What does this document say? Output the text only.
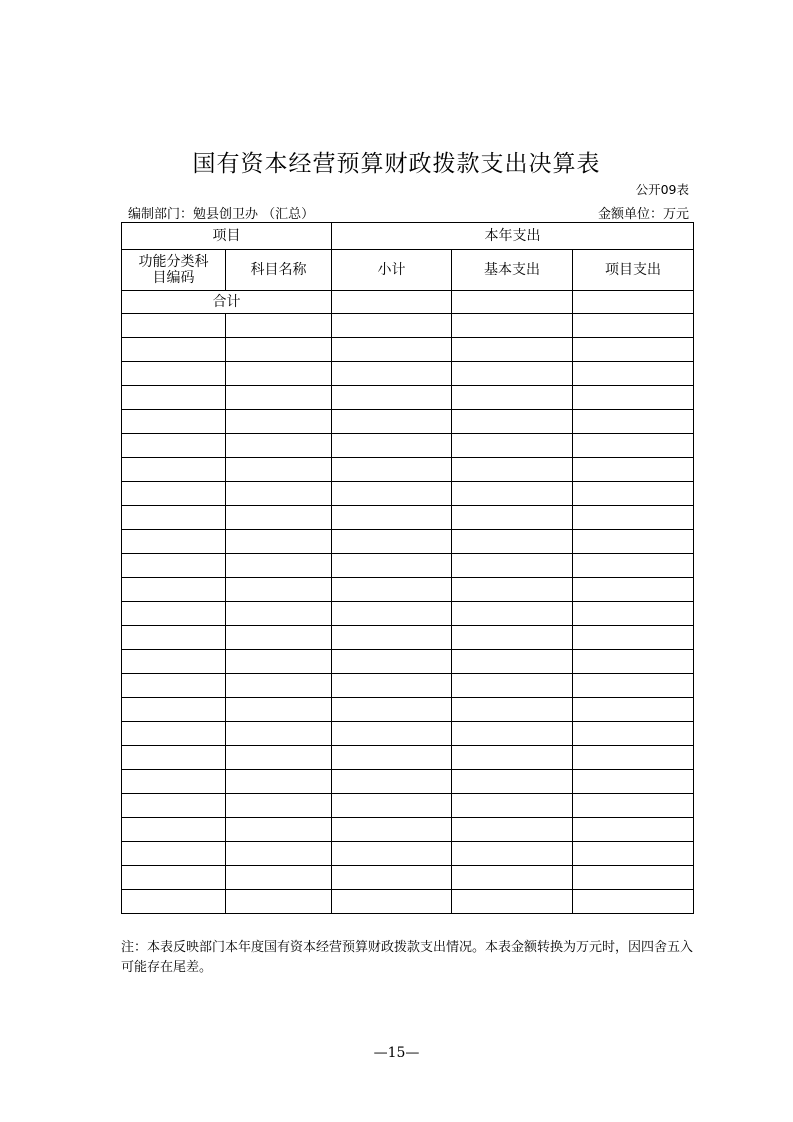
国有资本经营预算财政拨款支出决算表
公开09表
编制部门：勉县创卫办 （汇总）	金额单位：万元
项目		本年支出		
功能分类科目编码	科目名称	小计	基本支出	项目支出
合计				

注：本表反映部门本年度国有资本经营预算财政拨款支出情况。本表金额转换为万元时，因四舍五入可能存在尾差。
—15—
